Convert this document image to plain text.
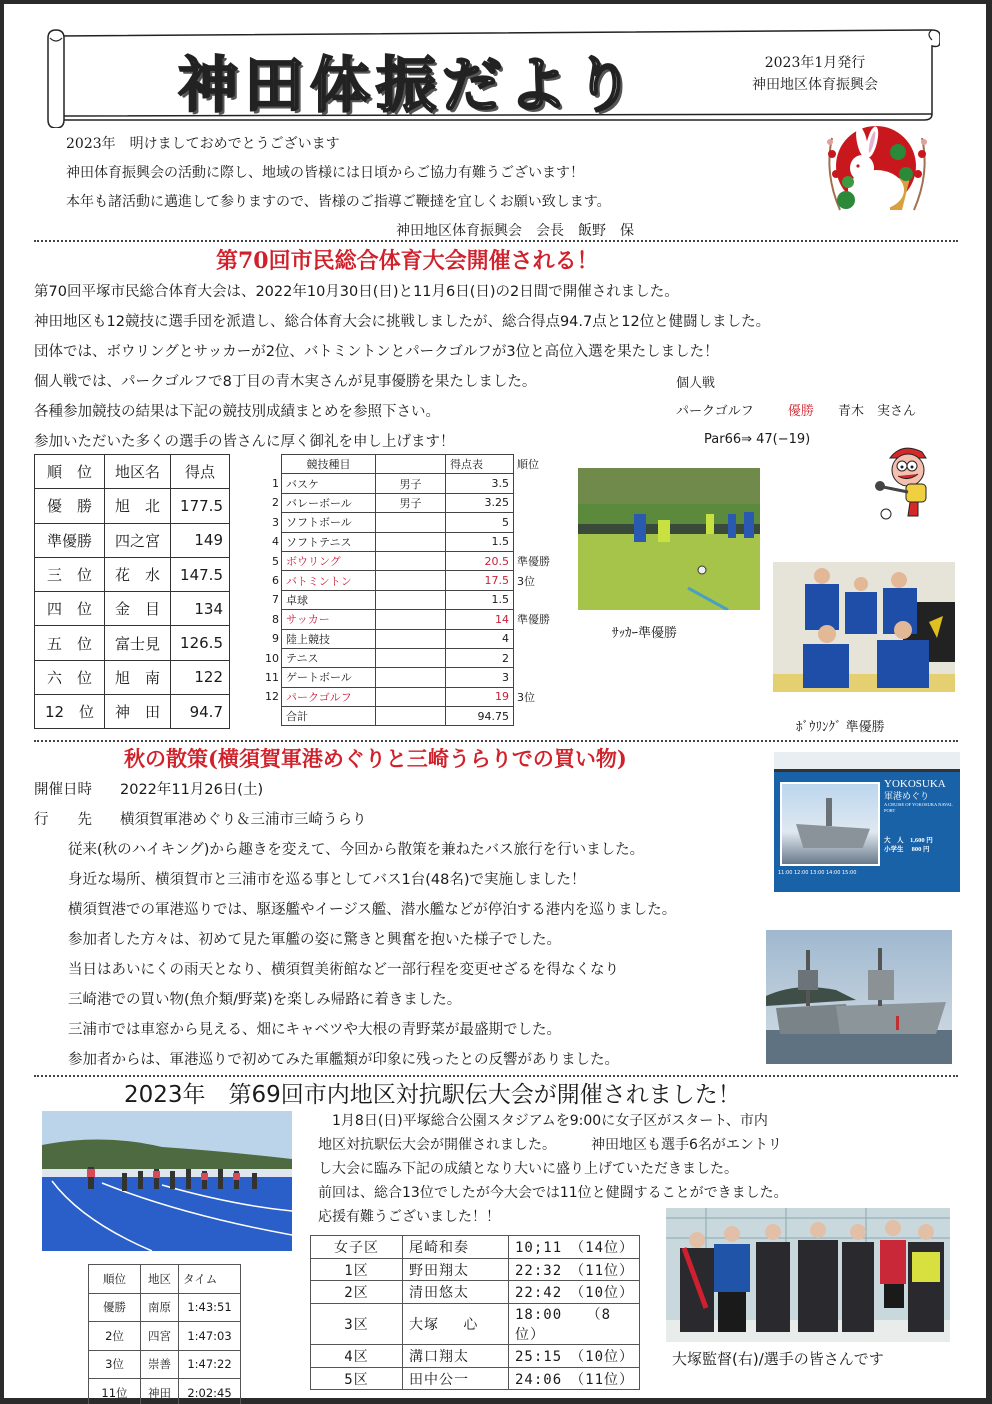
神田体振だより	2023年1月発行
神田地区体育振興会
2023年　明けましておめでとうございます
神田体育振興会の活動に際し、地域の皆様には日頃からご協力有難うございます！
本年も諸活動に邁進して参りますので、皆様のご指導ご鞭撻を宜しくお願い致します。
神田地区体育振興会　会長　飯野　保
第70回市民総合体育大会開催される！
第70回平塚市民総合体育大会は、2022年10月30日(日)と11月6日(日)の2日間で開催されました。
神田地区も12競技に選手団を派遣し、総合体育大会に挑戦しましたが、総合得点94.7点と12位と健闘しました。
団体では、ボウリングとサッカーが2位、バトミントンとパークゴルフが3位と高位入選を果たしました！
個人戦では、パークゴルフで8丁目の青木実さんが見事優勝を果たしました。
各種参加競技の結果は下記の競技別成績まとめを参照下さい。
参加いただいた多くの選手の皆さんに厚く御礼を申し上げます！
個人戦
パークゴルフ	優勝 青木　実さん
Par66⇒ 47(−19)
順　位	地区名	得点
優　勝	旭　北	177.5
準優勝	四之宮	149
三　位	花　水	147.5
四　位	金　目	134
五　位	富士見	126.5
六　位	旭　南	122
12　位	神　田	94.7
	競技種目		得点表	順位
1	バスケ	男子	3.5	
2	バレーボール	男子	3.25	
3	ソフトボール		5	
4	ソフトテニス		1.5	
5	ボウリング		20.5	準優勝
6	バトミントン		17.5	3位
7	卓球		1.5	
8	サッカー		14	準優勝
9	陸上競技		4	
10	テニス		2	
11	ゲートボール		3	
12	パークゴルフ		19	3位
	合計		94.75	
ｻｯｶｰ準優勝
ﾎﾞｳﾘﾝｸﾞ 準優勝
秋の散策(横須賀軍港めぐりと三崎うらりでの買い物)
開催日時 2022年11月26日(土)
行　　先 横須賀軍港めぐり＆三浦市三崎うらり
従来(秋のハイキング)から趣きを変えて、今回から散策を兼ねたバス旅行を行いました。
身近な場所、横須賀市と三浦市を巡る事としてバス1台(48名)で実施しました！
横須賀港での軍港巡りでは、駆逐艦やイージス艦、潜水艦などが停泊する港内を巡りました。
参加者した方々は、初めて見た軍艦の姿に驚きと興奮を抱いた様子でした。
当日はあいにくの雨天となり、横須賀美術館など一部行程を変更せざるを得なくなり
三崎港での買い物(魚介類/野菜)を楽しみ帰路に着きました。
三浦市では車窓から見える、畑にキャベツや大根の青野菜が最盛期でした。
参加者からは、軍港巡りで初めてみた軍艦類が印象に残ったとの反響がありました。
YOKOSUKA
軍港めぐり
A CRUISE OF YOKOSUKA NAVAL PORT
大　人　1,600 円
小学生　 800 円
11:00 12:00 13:00 14:00 15:00
2023年　第69回市内地区対抗駅伝大会が開催されました！
　1月8日(日)平塚総合公園スタジアムを9:00に女子区がスタート、市内
地区対抗駅伝大会が開催されました。　　　神田地区も選手6名がエントリ
し大会に臨み下記の成績となり大いに盛り上げていただきました。
前回は、総合13位でしたが今大会では11位と健闘することができました。
応援有難うございました！！
順位	地区	タイム
優勝	南原	1:43:51
2位	四宮	1:47:03
3位	崇善	1:47:22
11位	神田	2:02:45
女子区	尾崎和奏	10;11　（14位）
1区	野田翔太	22:32　（11位）
2区	清田悠太	22:42　（10位）
3区	大塚　 心	18:00　 （8位）
4区	溝口翔太	25:15　（10位）
5区	田中公一	24:06　（11位）
大塚監督(右)/選手の皆さんです
